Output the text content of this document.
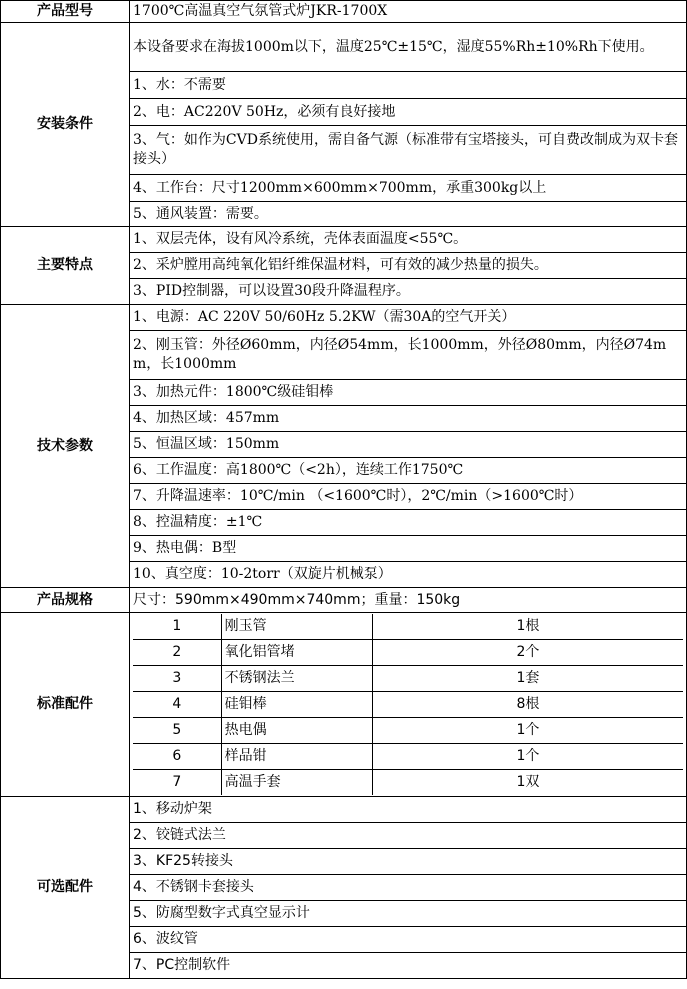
产品型号	1700℃高温真空气氛管式炉JKR-1700X
安装条件	本设备要求在海拔1000m以下，温度25℃±15℃，湿度55%Rh±10%Rh下使用。
1、水：不需要
2、电：AC220V 50Hz，必须有良好接地
3、气：如作为CVD系统使用，需自备气源（标准带有宝塔接头，可自费改制成为双卡套接头）
4、工作台：尺寸1200mm×600mm×700mm，承重300kg以上
5、通风装置：需要。
主要特点	1、双层壳体，设有风冷系统，壳体表面温度<55℃。
2、采炉膛用高纯氧化铝纤维保温材料，可有效的减少热量的损失。
3、PID控制器，可以设置30段升降温程序。
技术参数	1、电源：AC 220V 50/60Hz 5.2KW（需30A的空气开关）
2、刚玉管：外径Ø60mm，内径Ø54mm，长1000mm，外径Ø80mm，内径Ø74mm，长1000mm
3、加热元件：1800℃级硅钼棒
4、加热区域：457mm
5、恒温区域：150mm
6、工作温度：高1800℃（<2h），连续工作1750℃
7、升降温速率：10℃/min （<1600℃时），2℃/min（>1600℃时）
8、控温精度：±1℃
9、热电偶：B型
10、真空度：10-2torr（双旋片机械泵）
产品规格	尺寸：590mm×490mm×740mm；重量：150kg
标准配件	
1	刚玉管	1根
2	氧化铝管堵	2个
3	不锈钢法兰	1套
4	硅钼棒	8根
5	热电偶	1个
6	样品钳	1个
7	高温手套	1双

可选配件	1、移动炉架
2、铰链式法兰
3、KF25转接头
4、不锈钢卡套接头
5、防腐型数字式真空显示计
6、波纹管
7、PC控制软件
